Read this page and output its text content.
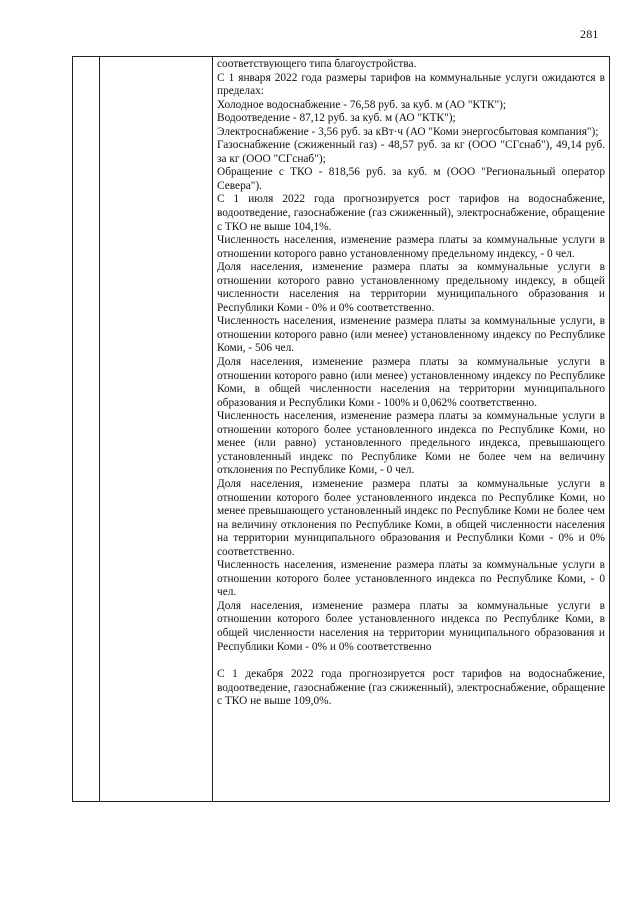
281

соответствующего типа благоустройства.

С 1 января 2022 года размеры тарифов на коммунальные услуги ожидаются в пределах:

Холодное водоснабжение - 76,58 руб. за куб. м (АО "КТК");

Водоотведение - 87,12 руб. за куб. м (АО "КТК");

Электроснабжение - 3,56 руб. за кВт·ч (АО "Коми энергосбытовая компания");

Газоснабжение (сжиженный газ) - 48,57 руб. за кг (ООО "СГснаб"), 49,14 руб. за кг (ООО "СГснаб");

Обращение с ТКО - 818,56 руб. за куб. м (ООО "Региональный оператор Севера").

С 1 июля 2022 года прогнозируется рост тарифов на водоснабжение, водоотведение, газоснабжение (газ сжиженный), электроснабжение, обращение с ТКО не выше 104,1%.

Численность населения, изменение размера платы за коммунальные услуги в отношении которого равно установленному предельному индексу, - 0 чел.

Доля населения, изменение размера платы за коммунальные услуги в отношении которого равно установленному предельному индексу, в общей численности населения на территории муниципального образования и Республики Коми - 0% и 0% соответственно.

Численность населения, изменение размера платы за коммунальные услуги, в отношении которого равно (или менее) установленному индексу по Республике Коми, - 506 чел.

Доля населения, изменение размера платы за коммунальные услуги в отношении которого равно (или менее) установленному индексу по Республике Коми, в общей численности населения на территории муниципального образования и Республики Коми - 100% и 0,062% соответственно.

Численность населения, изменение размера платы за коммунальные услуги в отношении которого более установленного индекса по Республике Коми, но менее (или равно) установленного предельного индекса, превышающего установленный индекс по Республике Коми не более чем на величину отклонения по Республике Коми, - 0 чел.

Доля населения, изменение размера платы за коммунальные услуги в отношении которого более установленного индекса по Республике Коми, но менее превышающего установленный индекс по Республике Коми не более чем на величину отклонения по Республике Коми, в общей численности населения на территории муниципального образования и Республики Коми - 0% и 0% соответственно.

Численность населения, изменение размера платы за коммунальные услуги в отношении которого более установленного индекса по Республике Коми, - 0 чел.

Доля населения, изменение размера платы за коммунальные услуги в отношении которого более установленного индекса по Республике Коми, в общей численности населения на территории муниципального образования и Республики Коми - 0% и 0% соответственно

С 1 декабря 2022 года прогнозируется рост тарифов на водоснабжение, водоотведение, газоснабжение (газ сжиженный), электроснабжение, обращение с ТКО не выше 109,0%.
